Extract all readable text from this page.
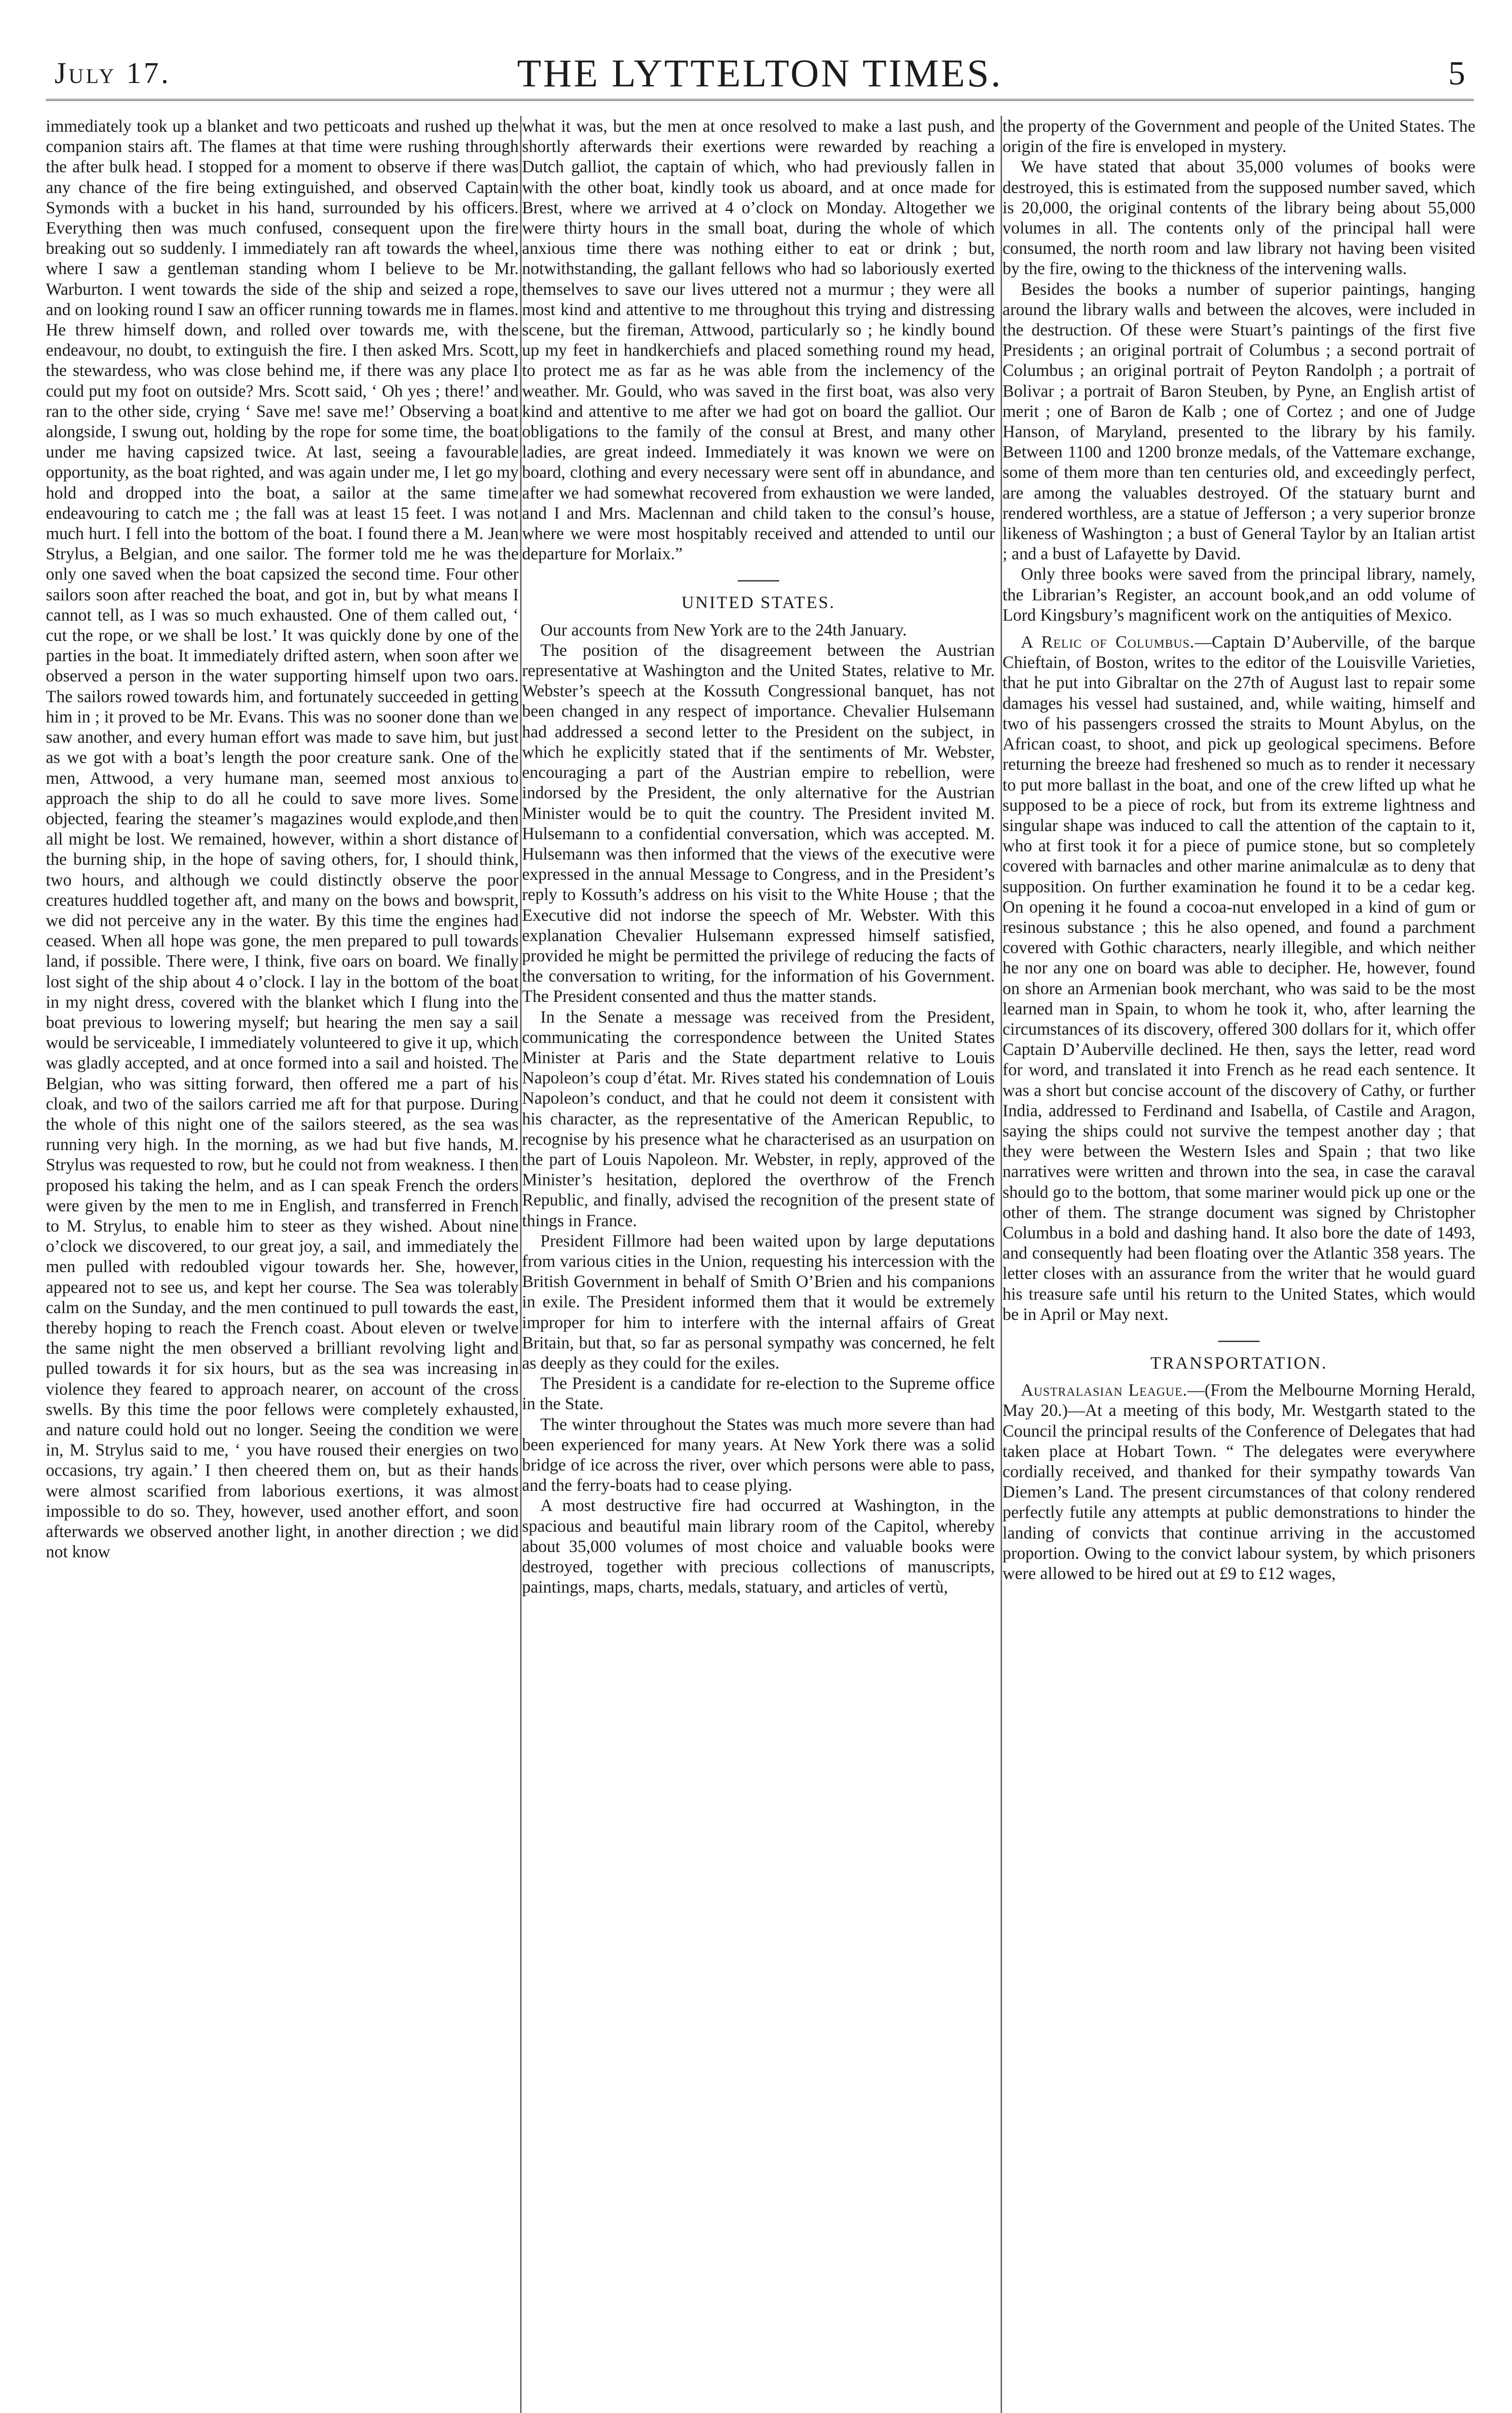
July 17.	THE LYTTELTON TIMES.	5

immediately took up a blanket and two petticoats and rushed up the companion stairs aft. The flames at that time were rushing through the after bulk head. I stopped for a moment to observe if there was any chance of the fire being extinguished, and observed Captain Symonds with a bucket in his hand, surrounded by his officers. Everything then was much confused, consequent upon the fire breaking out so suddenly. I immediately ran aft towards the wheel, where I saw a gentleman standing whom I believe to be Mr. Warburton. I went towards the side of the ship and seized a rope, and on looking round I saw an officer running towards me in flames. He threw himself down, and rolled over towards me, with the endeavour, no doubt, to extinguish the fire. I then asked Mrs. Scott, the stewardess, who was close behind me, if there was any place I could put my foot on outside? Mrs. Scott said, ‘ Oh yes ; there!’ and ran to the other side, crying ‘ Save me! save me!’ Observing a boat alongside, I swung out, holding by the rope for some time, the boat under me having capsized twice. At last, seeing a favourable opportunity, as the boat righted, and was again under me, I let go my hold and dropped into the boat, a sailor at the same time endeavouring to catch me ; the fall was at least 15 feet. I was not much hurt. I fell into the bottom of the boat. I found there a M. Jean Strylus, a Belgian, and one sailor. The former told me he was the only one saved when the boat capsized the second time. Four other sailors soon after reached the boat, and got in, but by what means I cannot tell, as I was so much exhausted. One of them called out, ‘ cut the rope, or we shall be lost.’ It was quickly done by one of the parties in the boat. It immediately drifted astern, when soon after we observed a person in the water supporting himself upon two oars. The sailors rowed towards him, and fortunately succeeded in getting him in ; it proved to be Mr. Evans. This was no sooner done than we saw another, and every human effort was made to save him, but just as we got with a boat’s length the poor creature sank. One of the men, Attwood, a very humane man, seemed most anxious to approach the ship to do all he could to save more lives. Some objected, fearing the steamer’s magazines would explode,and then all might be lost. We remained, however, within a short distance of the burning ship, in the hope of saving others, for, I should think, two hours, and although we could distinctly observe the poor creatures huddled together aft, and many on the bows and bowsprit, we did not perceive any in the water. By this time the engines had ceased. When all hope was gone, the men prepared to pull towards land, if possible. There were, I think, five oars on board. We finally lost sight of the ship about 4 o’clock. I lay in the bottom of the boat in my night dress, covered with the blanket which I flung into the boat previous to lowering myself; but hearing the men say a sail would be serviceable, I immediately volunteered to give it up, which was gladly accepted, and at once formed into a sail and hoisted. The Belgian, who was sitting forward, then offered me a part of his cloak, and two of the sailors carried me aft for that purpose. During the whole of this night one of the sailors steered, as the sea was running very high. In the morning, as we had but five hands, M. Strylus was requested to row, but he could not from weakness. I then proposed his taking the helm, and as I can speak French the orders were given by the men to me in English, and transferred in French to M. Strylus, to enable him to steer as they wished. About nine o’clock we discovered, to our great joy, a sail, and immediately the men pulled with redoubled vigour towards her. She, however, appeared not to see us, and kept her course. The Sea was tolerably calm on the Sunday, and the men continued to pull towards the east, thereby hoping to reach the French coast. About eleven or twelve the same night the men observed a brilliant revolving light and pulled towards it for six hours, but as the sea was increasing in violence they feared to approach nearer, on account of the cross swells. By this time the poor fellows were completely exhausted, and nature could hold out no longer. Seeing the condition we were in, M. Strylus said to me, ‘ you have roused their energies on two occasions, try again.’ I then cheered them on, but as their hands were almost scarified from laborious exertions, it was almost impossible to do so. They, however, used another effort, and soon afterwards we observed another light, in another direction ; we did not know

what it was, but the men at once resolved to make a last push, and shortly afterwards their exertions were rewarded by reaching a Dutch galliot, the captain of which, who had previously fallen in with the other boat, kindly took us aboard, and at once made for Brest, where we arrived at 4 o’clock on Monday. Altogether we were thirty hours in the small boat, during the whole of which anxious time there was nothing either to eat or drink ; but, notwithstanding, the gallant fellows who had so laboriously exerted themselves to save our lives uttered not a murmur ; they were all most kind and attentive to me throughout this trying and distressing scene, but the fireman, Attwood, particularly so ; he kindly bound up my feet in handkerchiefs and placed something round my head, to protect me as far as he was able from the inclemency of the weather. Mr. Gould, who was saved in the first boat, was also very kind and attentive to me after we had got on board the galliot. Our obligations to the family of the consul at Brest, and many other ladies, are great indeed. Immediately it was known we were on board, clothing and every necessary were sent off in abundance, and after we had somewhat recovered from exhaustion we were landed, and I and Mrs. Maclennan and child taken to the consul’s house, where we were most hospitably received and attended to until our departure for Morlaix.”

UNITED STATES.

Our accounts from New York are to the 24th January.

The position of the disagreement between the Austrian representative at Washington and the United States, relative to Mr. Webster’s speech at the Kossuth Congressional banquet, has not been changed in any respect of importance. Chevalier Hulsemann had addressed a second letter to the President on the subject, in which he explicitly stated that if the sentiments of Mr. Webster, encouraging a part of the Austrian empire to rebellion, were indorsed by the President, the only alternative for the Austrian Minister would be to quit the country. The President invited M. Hulsemann to a confidential conversation, which was accepted. M. Hulsemann was then informed that the views of the executive were expressed in the annual Message to Congress, and in the President’s reply to Kossuth’s address on his visit to the White House ; that the Executive did not indorse the speech of Mr. Webster. With this explanation Chevalier Hulsemann expressed himself satisfied, provided he might be permitted the privilege of reducing the facts of the conversation to writing, for the information of his Government. The President consented and thus the matter stands.

In the Senate a message was received from the President, communicating the correspondence between the United States Minister at Paris and the State department relative to Louis Napoleon’s coup d’état. Mr. Rives stated his condemnation of Louis Napoleon’s conduct, and that he could not deem it consistent with his character, as the representative of the American Republic, to recognise by his presence what he characterised as an usurpation on the part of Louis Napoleon. Mr. Webster, in reply, approved of the Minister’s hesitation, deplored the overthrow of the French Republic, and finally, advised the recognition of the present state of things in France.

President Fillmore had been waited upon by large deputations from various cities in the Union, requesting his intercession with the British Government in behalf of Smith O’Brien and his companions in exile. The President informed them that it would be extremely improper for him to interfere with the internal affairs of Great Britain, but that, so far as personal sympathy was concerned, he felt as deeply as they could for the exiles.

The President is a candidate for re-election to the Supreme office in the State.

The winter throughout the States was much more severe than had been experienced for many years. At New York there was a solid bridge of ice across the river, over which persons were able to pass, and the ferry-boats had to cease plying.

A most destructive fire had occurred at Washington, in the spacious and beautiful main library room of the Capitol, whereby about 35,000 volumes of most choice and valuable books were destroyed, together with precious collections of manuscripts, paintings, maps, charts, medals, statuary, and articles of vertù,

the property of the Government and people of the United States. The origin of the fire is enveloped in mystery.

We have stated that about 35,000 volumes of books were destroyed, this is estimated from the supposed number saved, which is 20,000, the original contents of the library being about 55,000 volumes in all. The contents only of the principal hall were consumed, the north room and law library not having been visited by the fire, owing to the thickness of the intervening walls.

Besides the books a number of superior paintings, hanging around the library walls and between the alcoves, were included in the destruction. Of these were Stuart’s paintings of the first five Presidents ; an original portrait of Columbus ; a second portrait of Columbus ; an original portrait of Peyton Randolph ; a portrait of Bolivar ; a portrait of Baron Steuben, by Pyne, an English artist of merit ; one of Baron de Kalb ; one of Cortez ; and one of Judge Hanson, of Maryland, presented to the library by his family. Between 1100 and 1200 bronze medals, of the Vattemare exchange, some of them more than ten centuries old, and exceedingly perfect, are among the valuables destroyed. Of the statuary burnt and rendered worthless, are a statue of Jefferson ; a very superior bronze likeness of Washington ; a bust of General Taylor by an Italian artist ; and a bust of Lafayette by David.

Only three books were saved from the principal library, namely, the Librarian’s Register, an account book,and an odd volume of Lord Kingsbury’s magnificent work on the antiquities of Mexico.

A Relic of Columbus.—Captain D’Auberville, of the barque Chieftain, of Boston, writes to the editor of the Louisville Varieties, that he put into Gibraltar on the 27th of August last to repair some damages his vessel had sustained, and, while waiting, himself and two of his passengers crossed the straits to Mount Abylus, on the African coast, to shoot, and pick up geological specimens. Before returning the breeze had freshened so much as to render it necessary to put more ballast in the boat, and one of the crew lifted up what he supposed to be a piece of rock, but from its extreme lightness and singular shape was induced to call the attention of the captain to it, who at first took it for a piece of pumice stone, but so completely covered with barnacles and other marine animalculæ as to deny that supposition. On further examination he found it to be a cedar keg. On opening it he found a cocoa-nut enveloped in a kind of gum or resinous substance ; this he also opened, and found a parchment covered with Gothic characters, nearly illegible, and which neither he nor any one on board was able to decipher. He, however, found on shore an Armenian book merchant, who was said to be the most learned man in Spain, to whom he took it, who, after learning the circumstances of its discovery, offered 300 dollars for it, which offer Captain D’Auberville declined. He then, says the letter, read word for word, and translated it into French as he read each sentence. It was a short but concise account of the discovery of Cathy, or further India, addressed to Ferdinand and Isabella, of Castile and Aragon, saying the ships could not survive the tempest another day ; that they were between the Western Isles and Spain ; that two like narratives were written and thrown into the sea, in case the caraval should go to the bottom, that some mariner would pick up one or the other of them. The strange document was signed by Christopher Columbus in a bold and dashing hand. It also bore the date of 1493, and consequently had been floating over the Atlantic 358 years. The letter closes with an assurance from the writer that he would guard his treasure safe until his return to the United States, which would be in April or May next.

TRANSPORTATION.

Australasian League.—(From the Melbourne Morning Herald, May 20.)—At a meeting of this body, Mr. Westgarth stated to the Council the principal results of the Conference of Delegates that had taken place at Hobart Town. “ The delegates were everywhere cordially received, and thanked for their sympathy towards Van Diemen’s Land. The present circumstances of that colony rendered perfectly futile any attempts at public demonstrations to hinder the landing of convicts that continue arriving in the accustomed proportion. Owing to the convict labour system, by which prisoners were allowed to be hired out at £9 to £12 wages,
